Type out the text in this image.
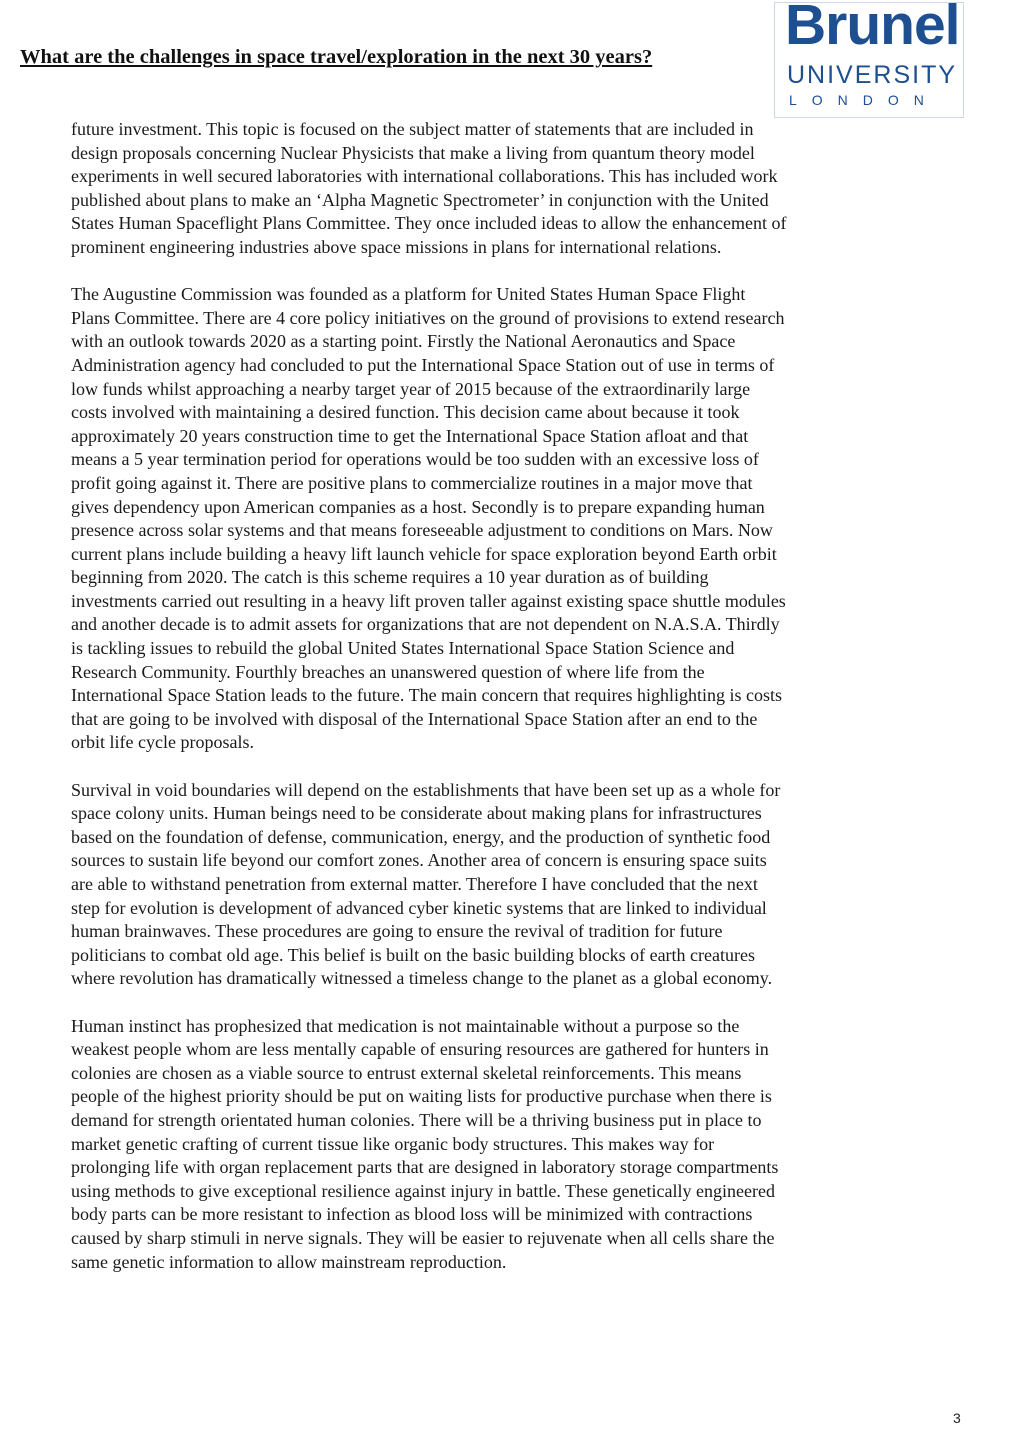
What are the challenges in space travel/exploration in the next 30 years? Brunel
UNIVERSITY
LONDON

future investment. This topic is focused on the subject matter of statements that are included in
design proposals concerning Nuclear Physicists that make a living from quantum theory model
experiments in well secured laboratories with international collaborations. This has included work
published about plans to make an ‘Alpha Magnetic Spectrometer’ in conjunction with the United
States Human Spaceflight Plans Committee. They once included ideas to allow the enhancement of
prominent engineering industries above space missions in plans for international relations.

The Augustine Commission was founded as a platform for United States Human Space Flight
Plans Committee. There are 4 core policy initiatives on the ground of provisions to extend research
with an outlook towards 2020 as a starting point. Firstly the National Aeronautics and Space
Administration agency had concluded to put the International Space Station out of use in terms of
low funds whilst approaching a nearby target year of 2015 because of the extraordinarily large
costs involved with maintaining a desired function. This decision came about because it took
approximately 20 years construction time to get the International Space Station afloat and that
means a 5 year termination period for operations would be too sudden with an excessive loss of
profit going against it. There are positive plans to commercialize routines in a major move that
gives dependency upon American companies as a host. Secondly is to prepare expanding human
presence across solar systems and that means foreseeable adjustment to conditions on Mars. Now
current plans include building a heavy lift launch vehicle for space exploration beyond Earth orbit
beginning from 2020. The catch is this scheme requires a 10 year duration as of building
investments carried out resulting in a heavy lift proven taller against existing space shuttle modules
and another decade is to admit assets for organizations that are not dependent on N.A.S.A. Thirdly
is tackling issues to rebuild the global United States International Space Station Science and
Research Community. Fourthly breaches an unanswered question of where life from the
International Space Station leads to the future. The main concern that requires highlighting is costs
that are going to be involved with disposal of the International Space Station after an end to the
orbit life cycle proposals.

Survival in void boundaries will depend on the establishments that have been set up as a whole for
space colony units. Human beings need to be considerate about making plans for infrastructures
based on the foundation of defense, communication, energy, and the production of synthetic food
sources to sustain life beyond our comfort zones. Another area of concern is ensuring space suits
are able to withstand penetration from external matter. Therefore I have concluded that the next
step for evolution is development of advanced cyber kinetic systems that are linked to individual
human brainwaves. These procedures are going to ensure the revival of tradition for future
politicians to combat old age. This belief is built on the basic building blocks of earth creatures
where revolution has dramatically witnessed a timeless change to the planet as a global economy.

Human instinct has prophesized that medication is not maintainable without a purpose so the
weakest people whom are less mentally capable of ensuring resources are gathered for hunters in
colonies are chosen as a viable source to entrust external skeletal reinforcements. This means
people of the highest priority should be put on waiting lists for productive purchase when there is
demand for strength orientated human colonies. There will be a thriving business put in place to
market genetic crafting of current tissue like organic body structures. This makes way for
prolonging life with organ replacement parts that are designed in laboratory storage compartments
using methods to give exceptional resilience against injury in battle. These genetically engineered
body parts can be more resistant to infection as blood loss will be minimized with contractions
caused by sharp stimuli in nerve signals. They will be easier to rejuvenate when all cells share the
same genetic information to allow mainstream reproduction.

3
